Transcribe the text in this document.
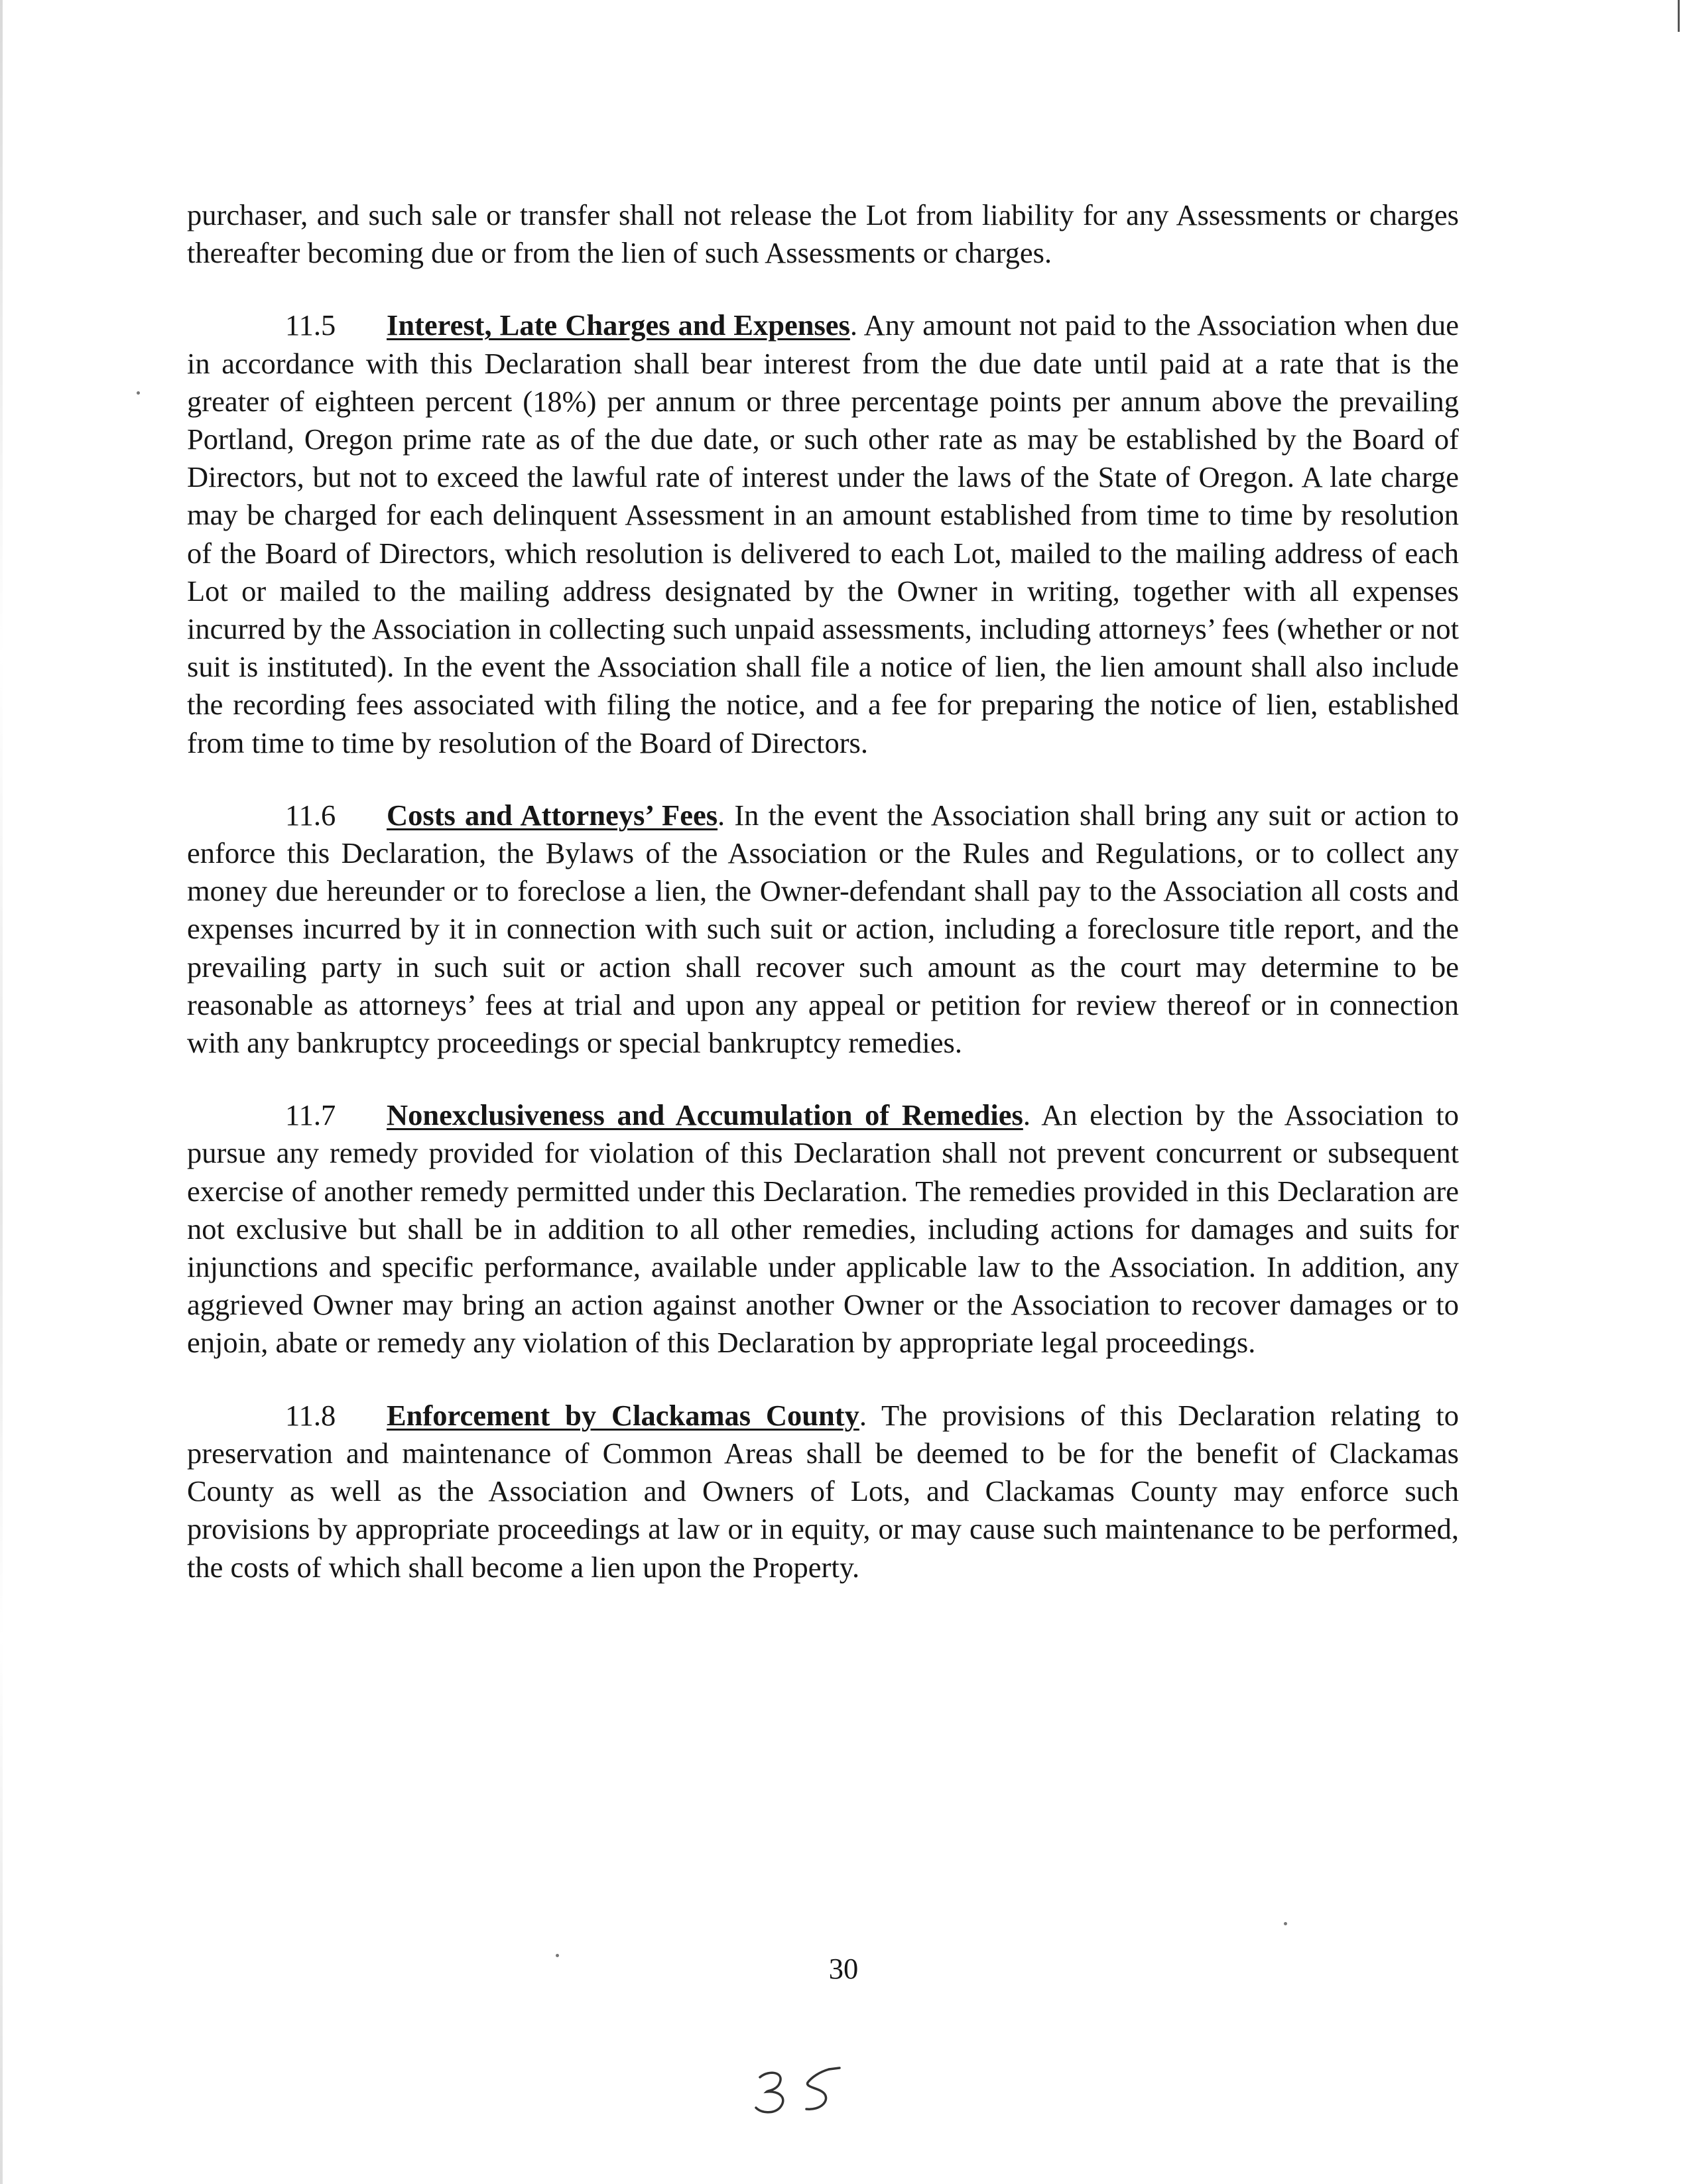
purchaser, and such sale or transfer shall not release the Lot from liability for any Assessments or charges thereafter becoming due or from the lien of such Assessments or charges.

11.5 Interest, Late Charges and Expenses. Any amount not paid to the Association when due in accordance with this Declaration shall bear interest from the due date until paid at a rate that is the greater of eighteen percent (18%) per annum or three percentage points per annum above the prevailing Portland, Oregon prime rate as of the due date, or such other rate as may be established by the Board of Directors, but not to exceed the lawful rate of interest under the laws of the State of Oregon. A late charge may be charged for each delinquent Assessment in an amount established from time to time by resolution of the Board of Directors, which resolution is delivered to each Lot, mailed to the mailing address of each Lot or mailed to the mailing address designated by the Owner in writing, together with all expenses incurred by the Association in collecting such unpaid assessments, including attorneys’ fees (whether or not suit is instituted). In the event the Association shall file a notice of lien, the lien amount shall also include the recording fees associated with filing the notice, and a fee for preparing the notice of lien, established from time to time by resolution of the Board of Directors.

11.6 Costs and Attorneys’ Fees. In the event the Association shall bring any suit or action to enforce this Declaration, the Bylaws of the Association or the Rules and Regulations, or to collect any money due hereunder or to foreclose a lien, the Owner-defendant shall pay to the Association all costs and expenses incurred by it in connection with such suit or action, including a foreclosure title report, and the prevailing party in such suit or action shall recover such amount as the court may determine to be reasonable as attorneys’ fees at trial and upon any appeal or petition for review thereof or in connection with any bankruptcy proceedings or special bankruptcy remedies.

11.7 Nonexclusiveness and Accumulation of Remedies. An election by the Association to pursue any remedy provided for violation of this Declaration shall not prevent concurrent or subsequent exercise of another remedy permitted under this Declaration. The remedies provided in this Declaration are not exclusive but shall be in addition to all other remedies, including actions for damages and suits for injunctions and specific performance, available under applicable law to the Association. In addition, any aggrieved Owner may bring an action against another Owner or the Association to recover damages or to enjoin, abate or remedy any violation of this Declaration by appropriate legal proceedings.

11.8 Enforcement by Clackamas County. The provisions of this Declaration relating to preservation and maintenance of Common Areas shall be deemed to be for the benefit of Clackamas County as well as the Association and Owners of Lots, and Clackamas County may enforce such provisions by appropriate proceedings at law or in equity, or may cause such maintenance to be performed, the costs of which shall become a lien upon the Property.

30
